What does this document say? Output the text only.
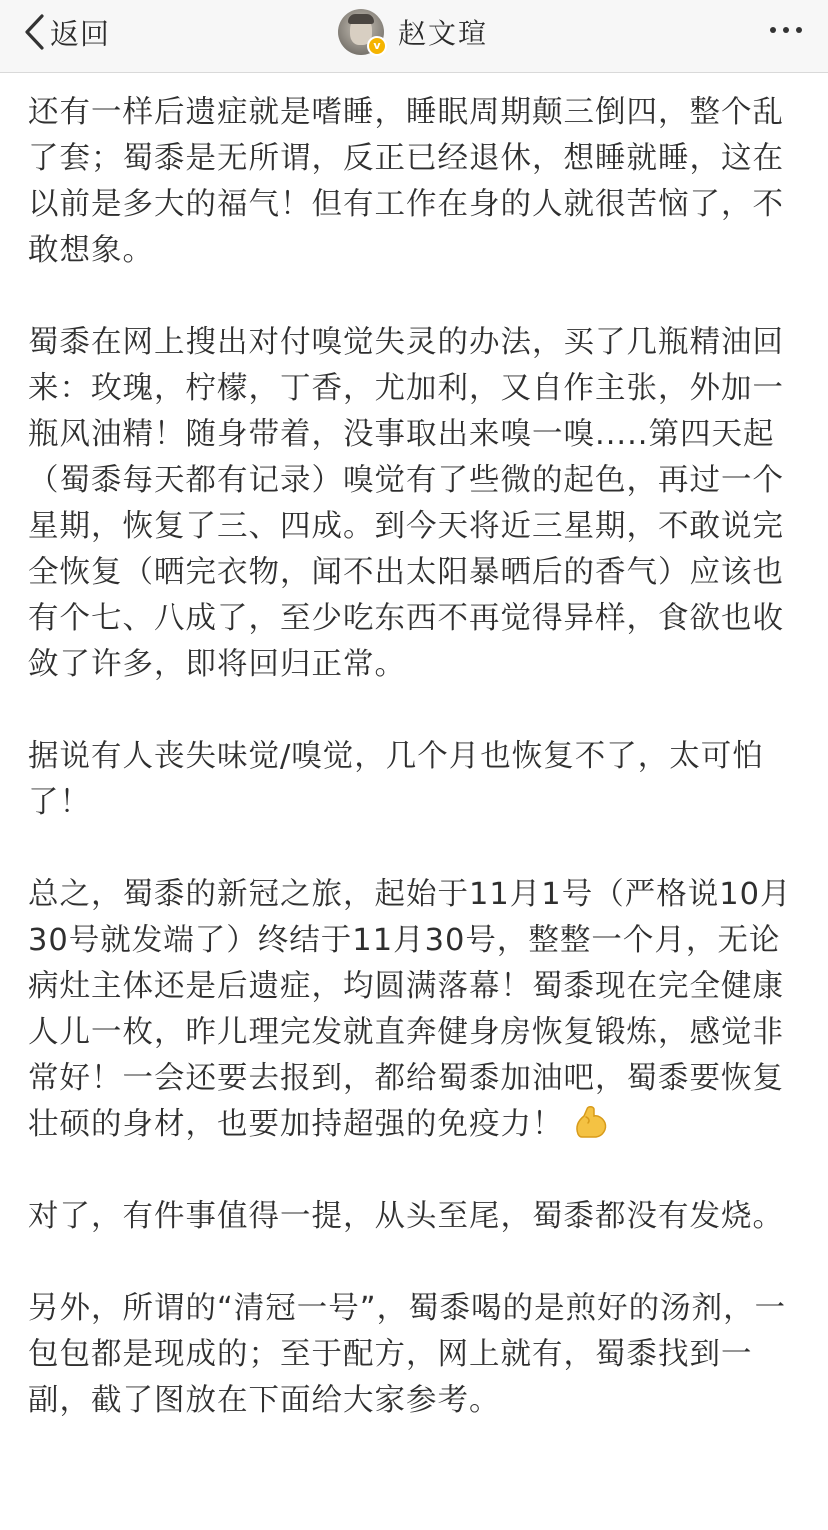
返回	v 赵文瑄

还有一样后遗症就是嗜睡，睡眠周期颠三倒四，整个乱了套；蜀黍是无所谓，反正已经退休，想睡就睡，这在以前是多大的福气！但有工作在身的人就很苦恼了，不敢想象。

蜀黍在网上搜出对付嗅觉失灵的办法，买了几瓶精油回来：玫瑰，柠檬，丁香，尤加利，又自作主张，外加一瓶风油精！随身带着，没事取出来嗅一嗅.....第四天起（蜀黍每天都有记录）嗅觉有了些微的起色，再过一个星期，恢复了三、四成。到今天将近三星期，不敢说完全恢复（晒完衣物，闻不出太阳暴晒后的香气）应该也有个七、八成了，至少吃东西不再觉得异样，食欲也收敛了许多，即将回归正常。

据说有人丧失味觉/嗅觉，几个月也恢复不了，太可怕了！

总之，蜀黍的新冠之旅，起始于11月1号（严格说10月30号就发端了）终结于11月30号，整整一个月，无论病灶主体还是后遗症，均圆满落幕！蜀黍现在完全健康人儿一枚，昨儿理完发就直奔健身房恢复锻炼，感觉非常好！一会还要去报到，都给蜀黍加油吧，蜀黍要恢复壮硕的身材，也要加持超强的免疫力！

对了，有件事值得一提，从头至尾，蜀黍都没有发烧。

另外，所谓的“清冠一号”，蜀黍喝的是煎好的汤剂，一包包都是现成的；至于配方，网上就有，蜀黍找到一副，截了图放在下面给大家参考。
